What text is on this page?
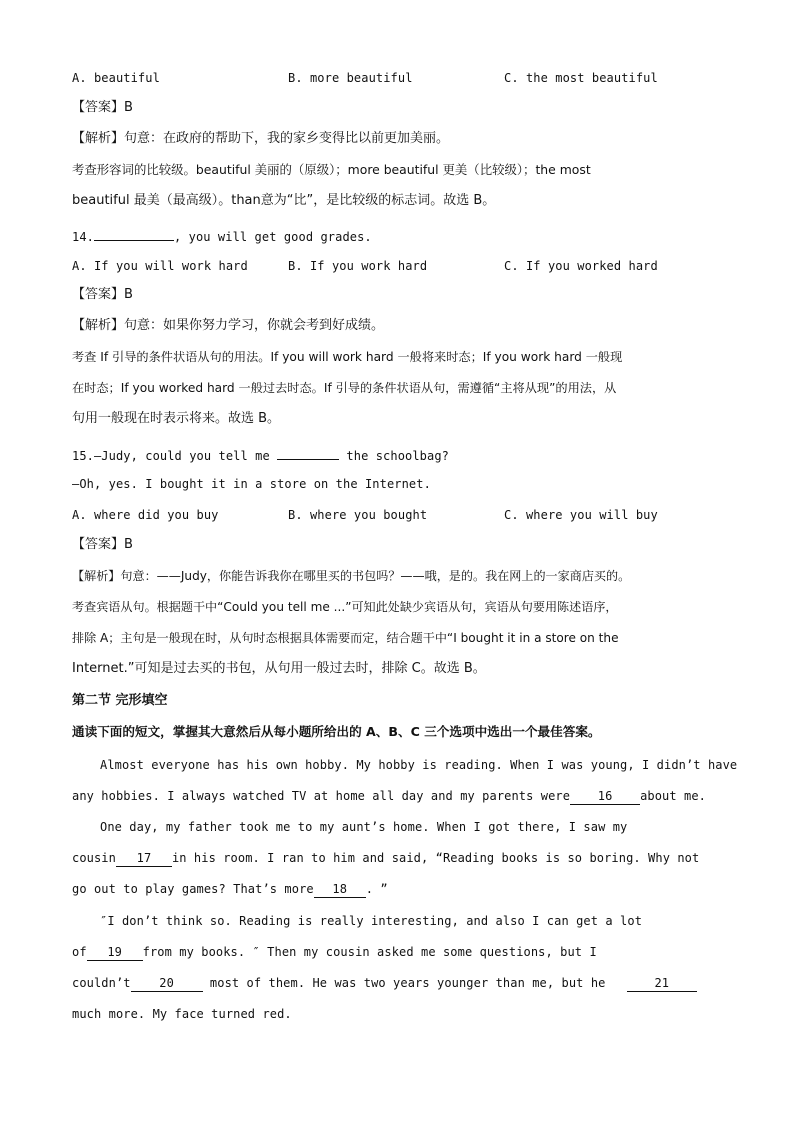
A. beautiful	B. more beautiful	C. the most beautiful
【答案】B
【解析】句意：在政府的帮助下，我的家乡变得比以前更加美丽。
考查形容词的比较级。beautiful 美丽的（原级）；more beautiful 更美（比较级）；the most
beautiful 最美（最高级）。than意为“比”，是比较级的标志词。故选 B。
14.	, you will get good grades.
A. If you will work hard	B. If you work hard	C. If you worked hard
【答案】B
【解析】句意：如果你努力学习，你就会考到好成绩。
考查 If 引导的条件状语从句的用法。If you will work hard 一般将来时态；If you work hard 一般现
在时态；If you worked hard 一般过去时态。If 引导的条件状语从句，需遵循“主将从现”的用法，从
句用一般现在时表示将来。故选 B。
15.—Judy, could you tell me	the schoolbag?
—Oh, yes. I bought it in a store on the Internet.
A. where did you buy	B. where you bought	C. where you will buy
【答案】B
【解析】句意：——Judy，你能告诉我你在哪里买的书包吗？——哦，是的。我在网上的一家商店买的。
考查宾语从句。根据题干中“Could you tell me ...”可知此处缺少宾语从句，宾语从句要用陈述语序，
排除 A；主句是一般现在时，从句时态根据具体需要而定，结合题干中“I bought it in a store on the
Internet.”可知是过去买的书包，从句用一般过去时，排除 C。故选 B。
第二节 完形填空
通读下面的短文，掌握其大意然后从每小题所给出的 A、B、C 三个选项中选出一个最佳答案。
Almost everyone has his own hobby. My hobby is reading. When I was young, I didn’t have
any hobbies. I always watched TV at home all day and my parents were 16 about me.
One day, my father took me to my aunt’s home. When I got there, I saw my
cousin 17 in his room. I ran to him and said, “Reading books is so boring. Why not
go out to play games? That’s more 18 . ”
″I don’t think so. Reading is really interesting, and also I can get a lot
of 19 from my books. ″ Then my cousin asked me some questions, but I
couldn’t 20 most of them. He was two years younger than me, but he	21
much more. My face turned red.
